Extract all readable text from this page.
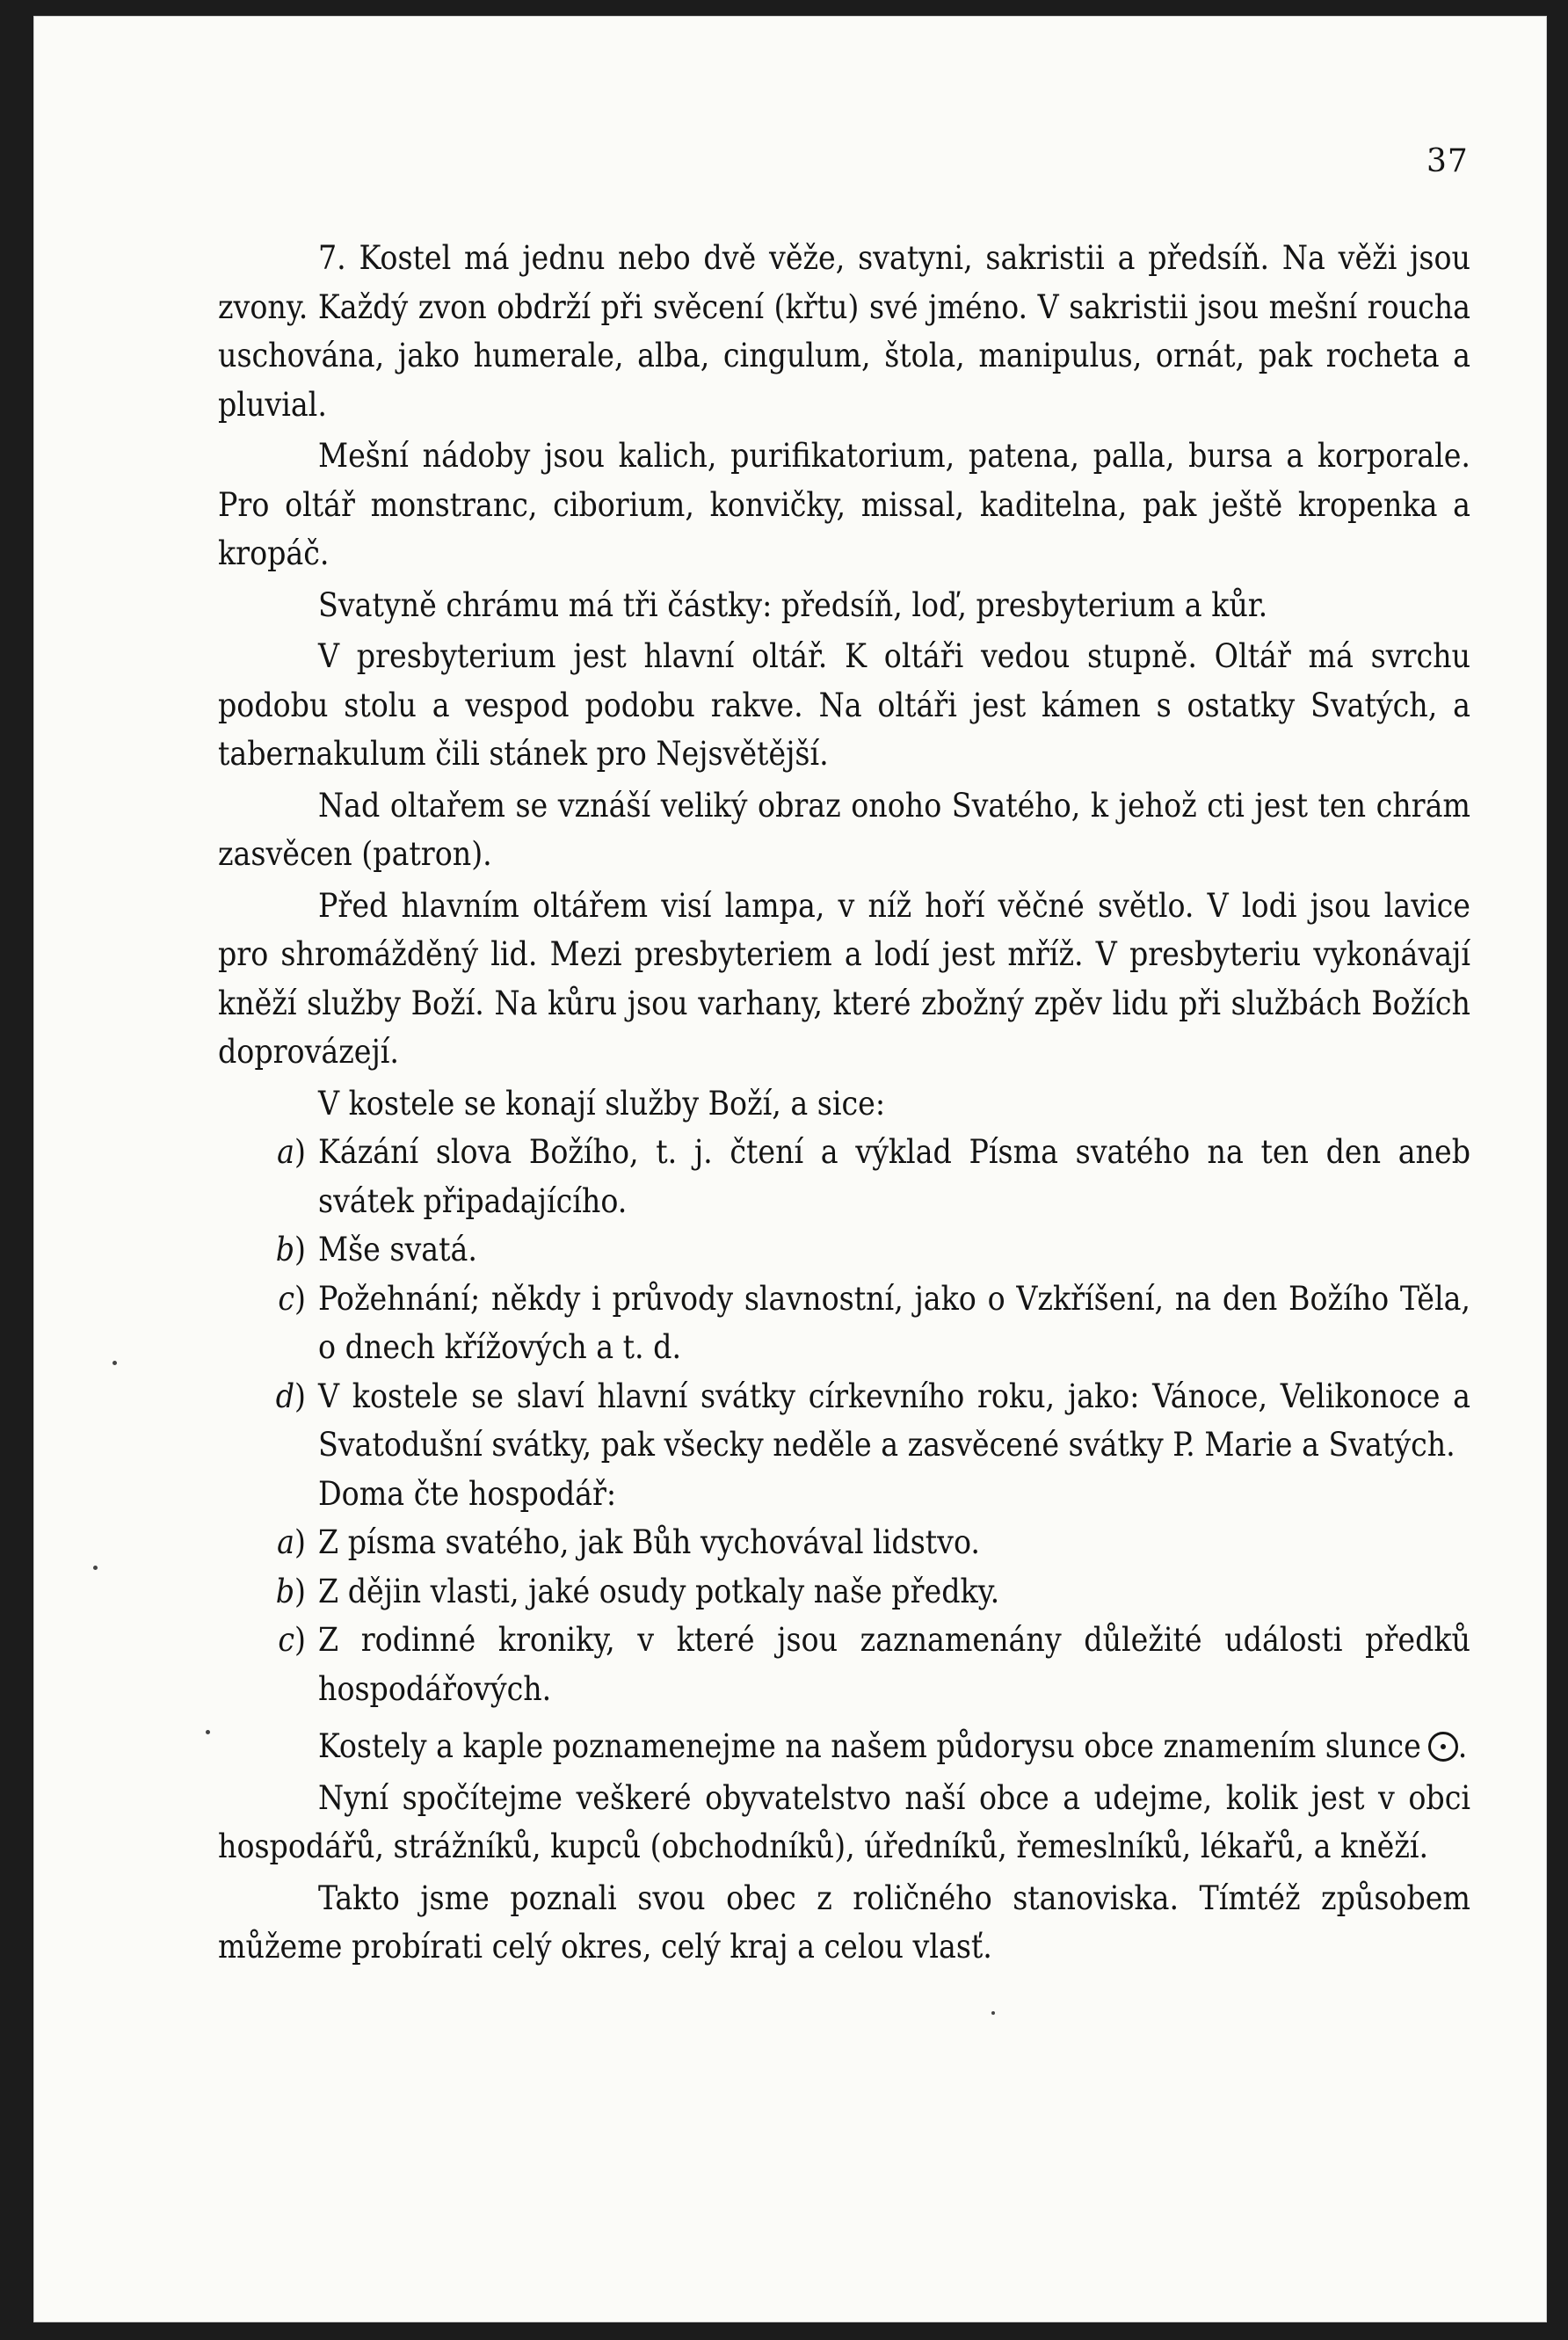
37

7. Kostel má jednu nebo dvě věže, svatyni, sakristii a předsíň. Na věži jsou zvony. Každý zvon obdrží při svěcení (křtu) své jméno. V sakristii jsou mešní roucha uschována, jako humerale, alba, cingulum, štola, manipulus, ornát, pak rocheta a pluvial.

Mešní nádoby jsou kalich, purifikatorium, patena, palla, bursa a korporale. Pro oltář monstranc, ciborium, konvičky, missal, kaditelna, pak ještě kropenka a kropáč.

Svatyně chrámu má tři částky: předsíň, loď, presbyterium a kůr.

V presbyterium jest hlavní oltář. K oltáři vedou stupně. Oltář má svrchu podobu stolu a vespod podobu rakve. Na oltáři jest kámen s ostatky Svatých, a tabernakulum čili stánek pro Nejsvětější.

Nad oltařem se vznáší veliký obraz onoho Svatého, k jehož cti jest ten chrám zasvěcen (patron).

Před hlavním oltářem visí lampa, v níž hoří věčné světlo. V lodi jsou lavice pro shromážděný lid. Mezi presbyteriem a lodí jest mříž. V presbyteriu vykonávají kněží služby Boží. Na kůru jsou varhany, které zbožný zpěv lidu při službách Božích doprovázejí.

V kostele se konají služby Boží, a sice:

a) Kázání slova Božího, t. j. čtení a výklad Písma svatého na ten den aneb svátek připadajícího.
b) Mše svatá.
c) Požehnání; někdy i průvody slavnostní, jako o Vzkříšení, na den Božího Těla, o dnech křížových a t. d.
d) V kostele se slaví hlavní svátky církevního roku, jako: Vánoce, Velikonoce a Svatodušní svátky, pak všecky neděle a zasvěcené svátky P. Marie a Svatých.

Doma čte hospodář:

a) Z písma svatého, jak Bůh vychovával lidstvo.
b) Z dějin vlasti, jaké osudy potkaly naše předky.
c) Z rodinné kroniky, v které jsou zaznamenány důležité události předků hospodářových.

Kostely a kaple poznamenejme na našem půdorysu obce znamením slunce .

Nyní spočítejme veškeré obyvatelstvo naší obce a udejme, kolik jest v obci hospodářů, strážníků, kupců (obchodníků), úředníků, řemeslníků, lékařů, a kněží.

Takto jsme poznali svou obec z roličného stanoviska. Tímtéž způsobem můžeme probírati celý okres, celý kraj a celou vlasť.
